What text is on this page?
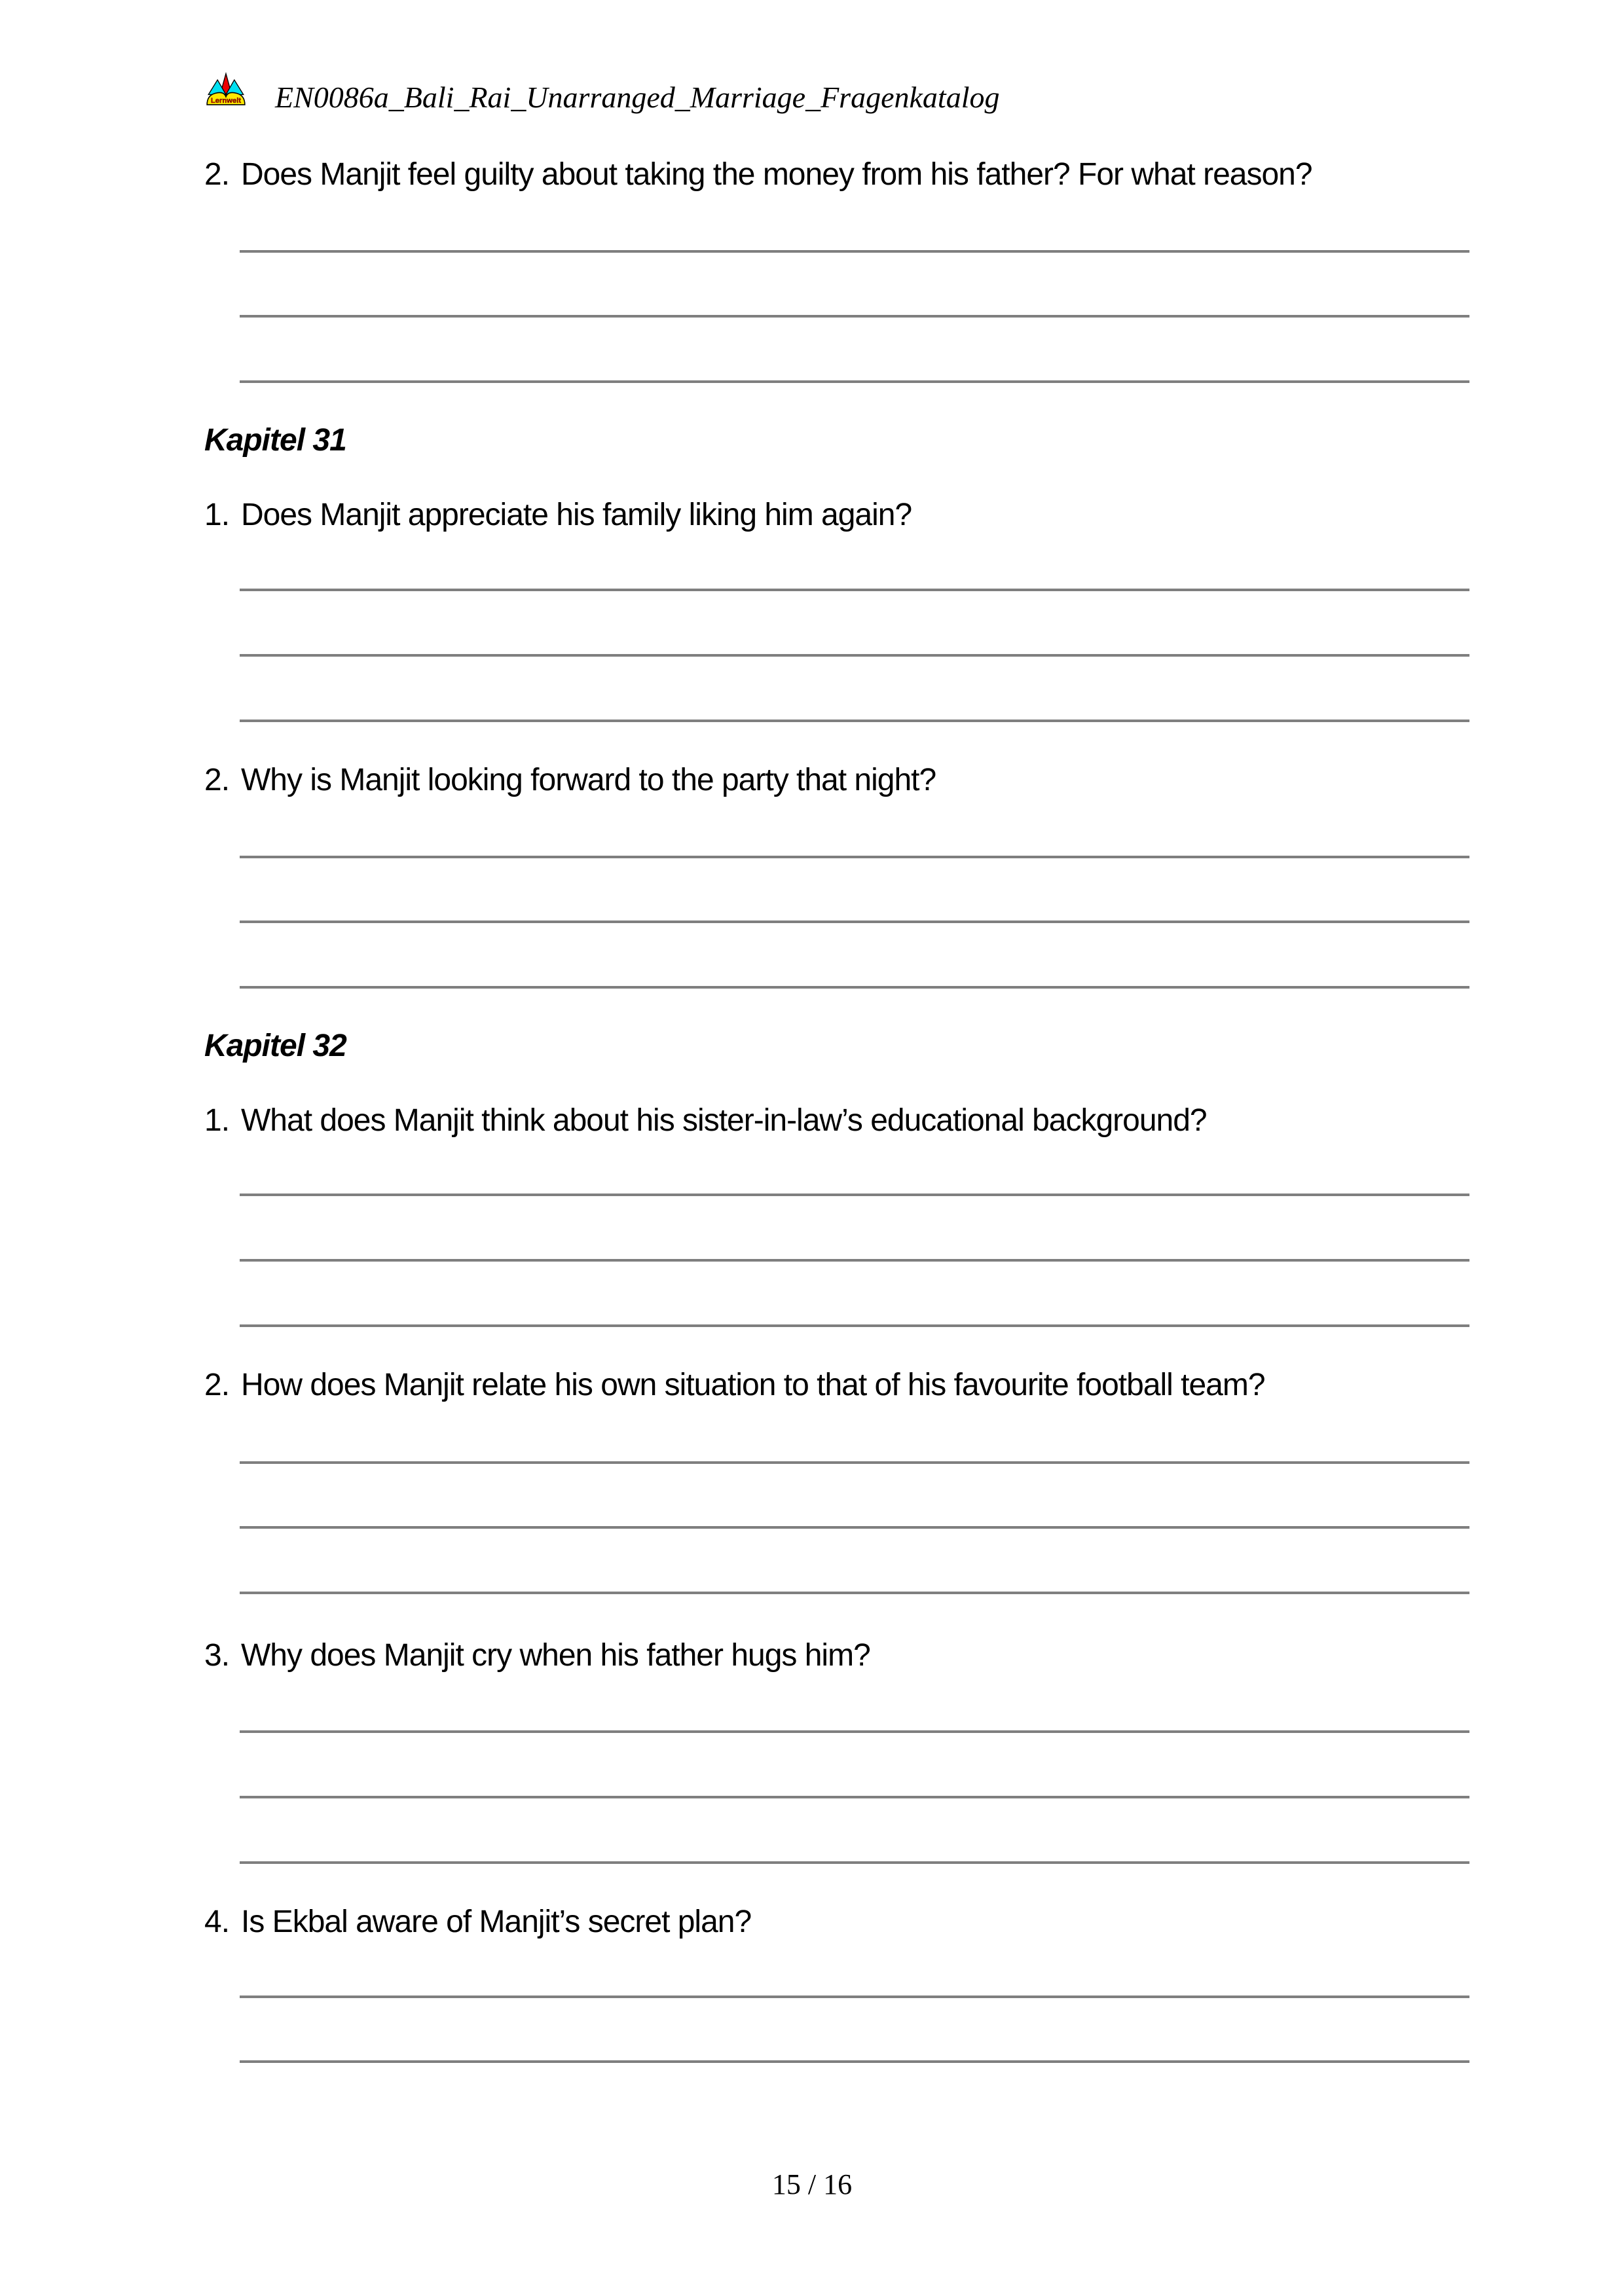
Lernwelt EN0086a_Bali_Rai_Unarranged_Marriage_Fragenkatalog
2. Does Manjit feel guilty about taking the money from his father? For what reason?
Kapitel 31
1. Does Manjit appreciate his family liking him again?
2. Why is Manjit looking forward to the party that night?
Kapitel 32
1. What does Manjit think about his sister-in-law’s educational background?
2. How does Manjit relate his own situation to that of his favourite football team?
3. Why does Manjit cry when his father hugs him?
4. Is Ekbal aware of Manjit’s secret plan?
15 / 16
